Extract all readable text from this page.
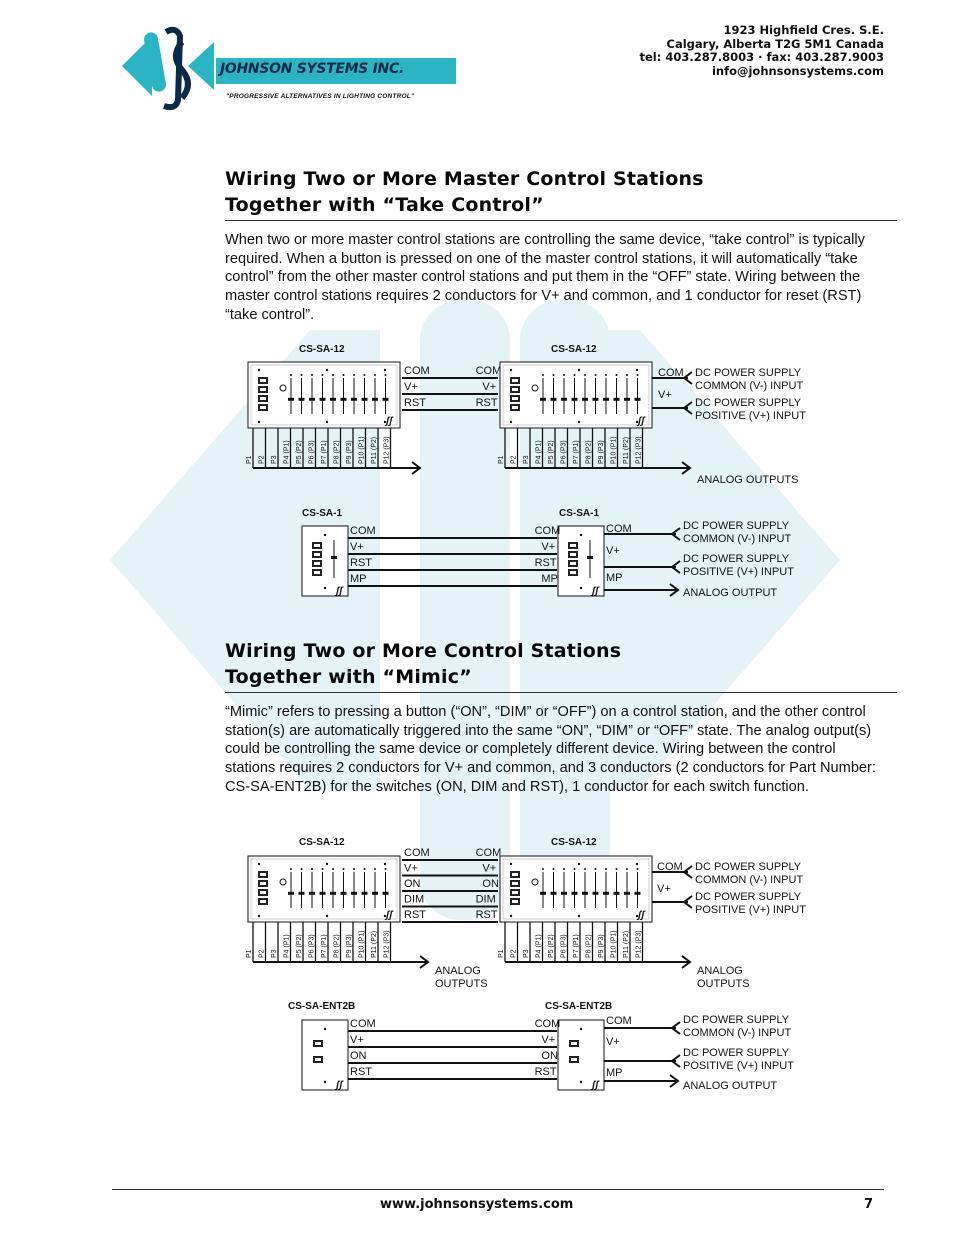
JOHNSON SYSTEMS INC.
"PROGRESSIVE ALTERNATIVES IN LIGHTING CONTROL"
1923 Highfield Cres. S.E.
Calgary, Alberta T2G 5M1 Canada
tel: 403.287.8003 · fax: 403.287.9003
info@johnsonsystems.com
Wiring Two or More Master Control Stations
Together with “Take Control”
When two or more master control stations are controlling the same device, “take control” is typically required. When a button is pressed on one of the master control stations, it will automatically “take control” from the other master control stations and put them in the “OFF” state. Wiring between the master control stations requires 2 conductors for V+ and common, and 1 conductor for reset (RST) “take control”.
Wiring Two or More Control Stations
Together with “Mimic”
“Mimic” refers to pressing a button (“ON”, “DIM” or “OFF”) on a control station, and the other control station(s) are automatically triggered into the same “ON”, “DIM” or “OFF” state. The analog output(s) could be controlling the same device or completely different device. Wiring between the control stations requires 2 conductors for V+ and common, and 3 conductors (2 conductors for Part Number: CS-SA-ENT2B) for the switches (ON, DIM and RST), 1 conductor for each switch function.
CS-SA-12	CS-SA-12
ʃʃ
P1 P2 P3 P4 (P1) P5 (P2) P6 (P3) P7 (P1) P8 (P2) P9 (P3) P10 (P1) P11 (P2) P12 (P3)
ʃʃ
P1 P2 P3 P4 (P1) P5 (P2) P6 (P3) P7 (P1) P8 (P2) P9 (P3) P10 (P1) P11 (P2) P12 (P3)
ANALOG OUTPUTS
COM	COM
V+	V+
RST	RST
COM
V+
DC POWER SUPPLY
COMMON (V-) INPUT
DC POWER SUPPLY
POSITIVE (V+) INPUT
CS-SA-1	CS-SA-1
ʃʃ	ʃʃ
COM	COM
V+	V+
RST	RST
MP	MP
COM
V+
MP
DC POWER SUPPLY
COMMON (V-) INPUT
DC POWER SUPPLY
POSITIVE (V+) INPUT
ANALOG OUTPUT
CS-SA-12	CS-SA-12
ʃʃ
P1 P2 P3 P4 (P1) P5 (P2) P6 (P3) P7 (P1) P8 (P2) P9 (P3) P10 (P1) P11 (P2) P12 (P3)
ʃʃ
P1 P2 P3 P4 (P1) P5 (P2) P6 (P3) P7 (P1) P8 (P2) P9 (P3) P10 (P1) P11 (P2) P12 (P3)
ANALOG
OUTPUTS
ANALOG
OUTPUTS
COM	COM
V+	V+
ON	ON
DIM	DIM
RST	RST
COM
V+
DC POWER SUPPLY
COMMON (V-) INPUT
DC POWER SUPPLY
POSITIVE (V+) INPUT
CS-SA-ENT2B	CS-SA-ENT2B
ʃʃ	ʃʃ
COM	COM
V+	V+
ON	ON
RST	RST
COM
V+
MP
DC POWER SUPPLY
COMMON (V-) INPUT
DC POWER SUPPLY
POSITIVE (V+) INPUT
ANALOG OUTPUT
www.johnsonsystems.com	7
